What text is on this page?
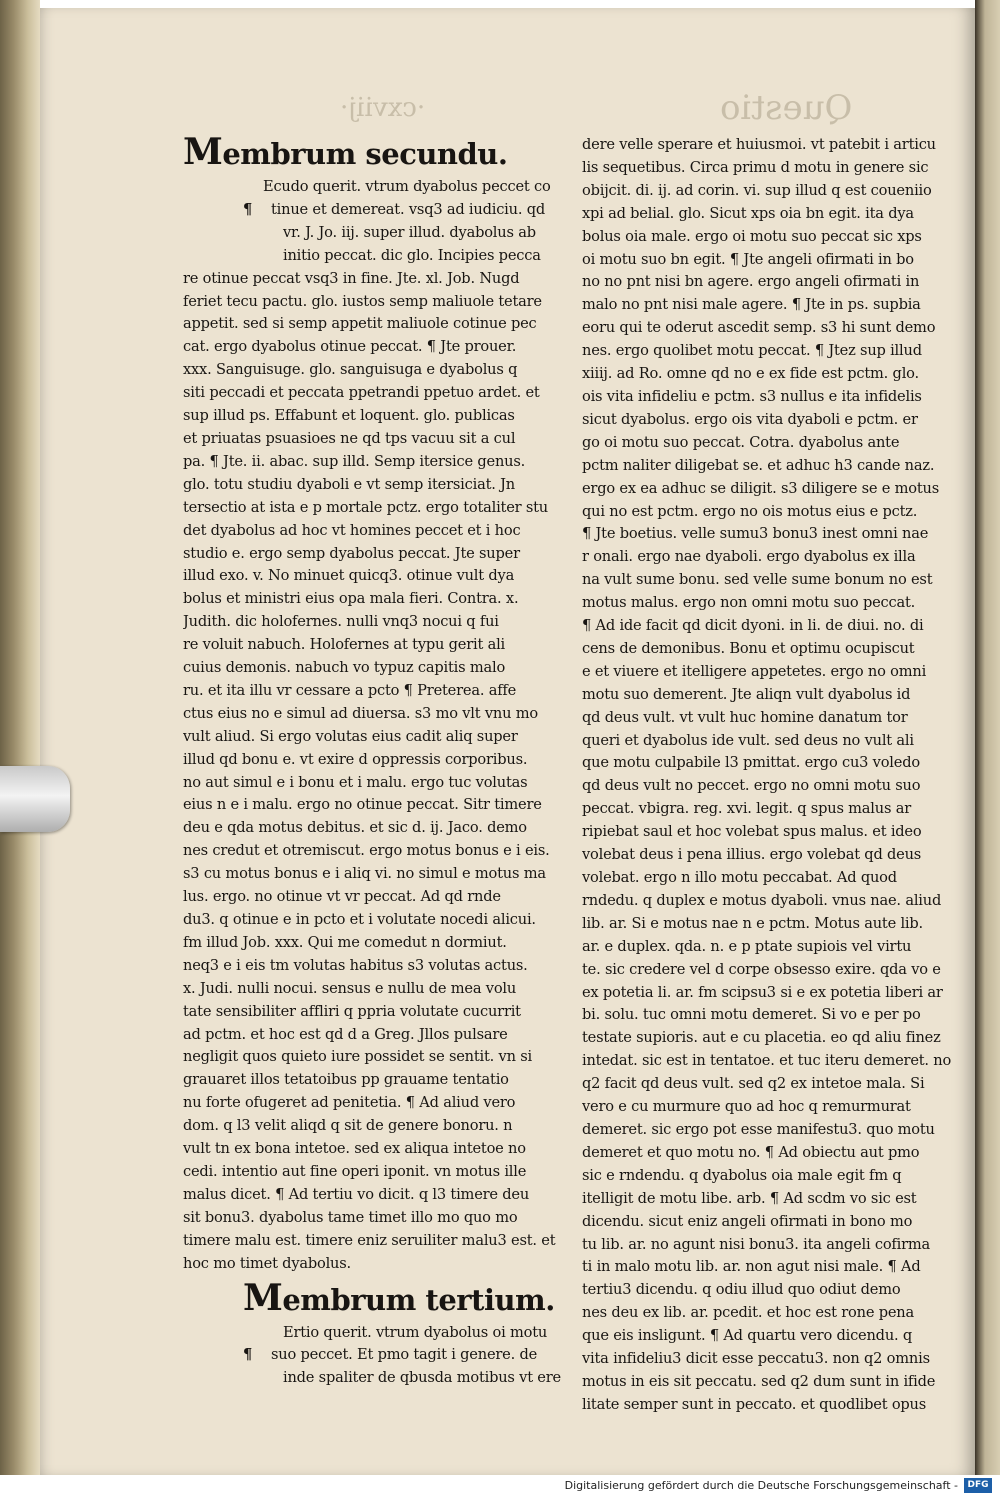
·cxviij·	Questio
Membrum secundu.
Ecudo querit. vtrum dyabolus peccet co
¶ tinue et demereat. vsq3 ad iudiciu. qd
vr. J. Jo. iij. super illud. dyabolus ab
initio peccat. dic glo. Incipies pecca
re otinue peccat vsq3 in fine. Jte. xl. Job. Nugd
feriet tecu pactu. glo. iustos semp maliuole tetare
appetit. sed si semp appetit maliuole cotinue pec
cat. ergo dyabolus otinue peccat. ¶ Jte prouer.
xxx. Sanguisuge. glo. sanguisuga e dyabolus q
siti peccadi et peccata ppetrandi ppetuo ardet. et
sup illud ps. Effabunt et loquent. glo. publicas
et priuatas psuasioes ne qd tps vacuu sit a cul
pa. ¶ Jte. ii. abac. sup illd. Semp itersice genus.
glo. totu studiu dyaboli e vt semp itersiciat. Jn
tersectio at ista e p mortale pctz. ergo totaliter stu
det dyabolus ad hoc vt homines peccet et i hoc
studio e. ergo semp dyabolus peccat. Jte super
illud exo. v. No minuet quicq3. otinue vult dya
bolus et ministri eius opa mala fieri. Contra. x.
Judith. dic holofernes. nulli vnq3 nocui q fui
re voluit nabuch. Holofernes at typu gerit ali
cuius demonis. nabuch vo typuz capitis malo
ru. et ita illu vr cessare a pcto ¶ Preterea. affe
ctus eius no e simul ad diuersa. s3 mo vlt vnu mo
vult aliud. Si ergo volutas eius cadit aliq super
illud qd bonu e. vt exire d oppressis corporibus.
no aut simul e i bonu et i malu. ergo tuc volutas
eius n e i malu. ergo no otinue peccat. Sitr timere
deu e qda motus debitus. et sic d. ij. Jaco. demo
nes credut et otremiscut. ergo motus bonus e i eis.
s3 cu motus bonus e i aliq vi. no simul e motus ma
lus. ergo. no otinue vt vr peccat. Ad qd rnde
du3. q otinue e in pcto et i volutate nocedi alicui.
fm illud Job. xxx. Qui me comedut n dormiut.
neq3 e i eis tm volutas habitus s3 volutas actus.
x. Judi. nulli nocui. sensus e nullu de mea volu
tate sensibiliter affliri q ppria volutate cucurrit
ad pctm. et hoc est qd d a Greg. Jllos pulsare
negligit quos quieto iure possidet se sentit. vn si
grauaret illos tetatoibus pp grauame tentatio
nu forte ofugeret ad penitetia. ¶ Ad aliud vero
dom. q l3 velit aliqd q sit de genere bonoru. n
vult tn ex bona intetoe. sed ex aliqua intetoe no
cedi. intentio aut fine operi iponit. vn motus ille
malus dicet. ¶ Ad tertiu vo dicit. q l3 timere deu
sit bonu3. dyabolus tame timet illo mo quo mo
timere malu est. timere eniz seruiliter malu3 est. et
hoc mo timet dyabolus.
Membrum tertium.
Ertio querit. vtrum dyabolus oi motu
¶ suo peccet. Et pmo tagit i genere. de
inde spaliter de qbusda motibus vt ere
dere velle sperare et huiusmoi. vt patebit i articu
lis sequetibus. Circa primu d motu in genere sic
obijcit. di. ij. ad corin. vi. sup illud q est coueniio
xpi ad belial. glo. Sicut xps oia bn egit. ita dya
bolus oia male. ergo oi motu suo peccat sic xps
oi motu suo bn egit. ¶ Jte angeli ofirmati in bo
no no pnt nisi bn agere. ergo angeli ofirmati in
malo no pnt nisi male agere. ¶ Jte in ps. supbia
eoru qui te oderut ascedit semp. s3 hi sunt demo
nes. ergo quolibet motu peccat. ¶ Jtez sup illud
xiiij. ad Ro. omne qd no e ex fide est pctm. glo.
ois vita infideliu e pctm. s3 nullus e ita infidelis
sicut dyabolus. ergo ois vita dyaboli e pctm. er
go oi motu suo peccat. Cotra. dyabolus ante
pctm naliter diligebat se. et adhuc h3 cande naz.
ergo ex ea adhuc se diligit. s3 diligere se e motus
qui no est pctm. ergo no ois motus eius e pctz.
¶ Jte boetius. velle sumu3 bonu3 inest omni nae
r onali. ergo nae dyaboli. ergo dyabolus ex illa
na vult sume bonu. sed velle sume bonum no est
motus malus. ergo non omni motu suo peccat.
¶ Ad ide facit qd dicit dyoni. in li. de diui. no. di
cens de demonibus. Bonu et optimu ocupiscut
e et viuere et itelligere appetetes. ergo no omni
motu suo demerent. Jte aliqn vult dyabolus id
qd deus vult. vt vult huc homine danatum tor
queri et dyabolus ide vult. sed deus no vult ali
que motu culpabile l3 pmittat. ergo cu3 voledo
qd deus vult no peccet. ergo no omni motu suo
peccat. vbigra. reg. xvi. legit. q spus malus ar
ripiebat saul et hoc volebat spus malus. et ideo
volebat deus i pena illius. ergo volebat qd deus
volebat. ergo n illo motu peccabat. Ad quod
rndedu. q duplex e motus dyaboli. vnus nae. aliud
lib. ar. Si e motus nae n e pctm. Motus aute lib.
ar. e duplex. qda. n. e p ptate supiois vel virtu
te. sic credere vel d corpe obsesso exire. qda vo e
ex potetia li. ar. fm scipsu3 si e ex potetia liberi ar
bi. solu. tuc omni motu demeret. Si vo e per po
testate supioris. aut e cu placetia. eo qd aliu finez
intedat. sic est in tentatoe. et tuc iteru demeret. no
q2 facit qd deus vult. sed q2 ex intetoe mala. Si
vero e cu murmure quo ad hoc q remurmurat
demeret. sic ergo pot esse manifestu3. quo motu
demeret et quo motu no. ¶ Ad obiectu aut pmo
sic e rndendu. q dyabolus oia male egit fm q
itelligit de motu libe. arb. ¶ Ad scdm vo sic est
dicendu. sicut eniz angeli ofirmati in bono mo
tu lib. ar. no agunt nisi bonu3. ita angeli cofirma
ti in malo motu lib. ar. non agut nisi male. ¶ Ad
tertiu3 dicendu. q odiu illud quo odiut demo
nes deu ex lib. ar. pcedit. et hoc est rone pena
que eis insligunt. ¶ Ad quartu vero dicendu. q
vita infideliu3 dicit esse peccatu3. non q2 omnis
motus in eis sit peccatu. sed q2 dum sunt in ifide
litate semper sunt in peccato. et quodlibet opus
Digitalisierung gefördert durch die Deutsche Forschungsgemeinschaft -	DFG
